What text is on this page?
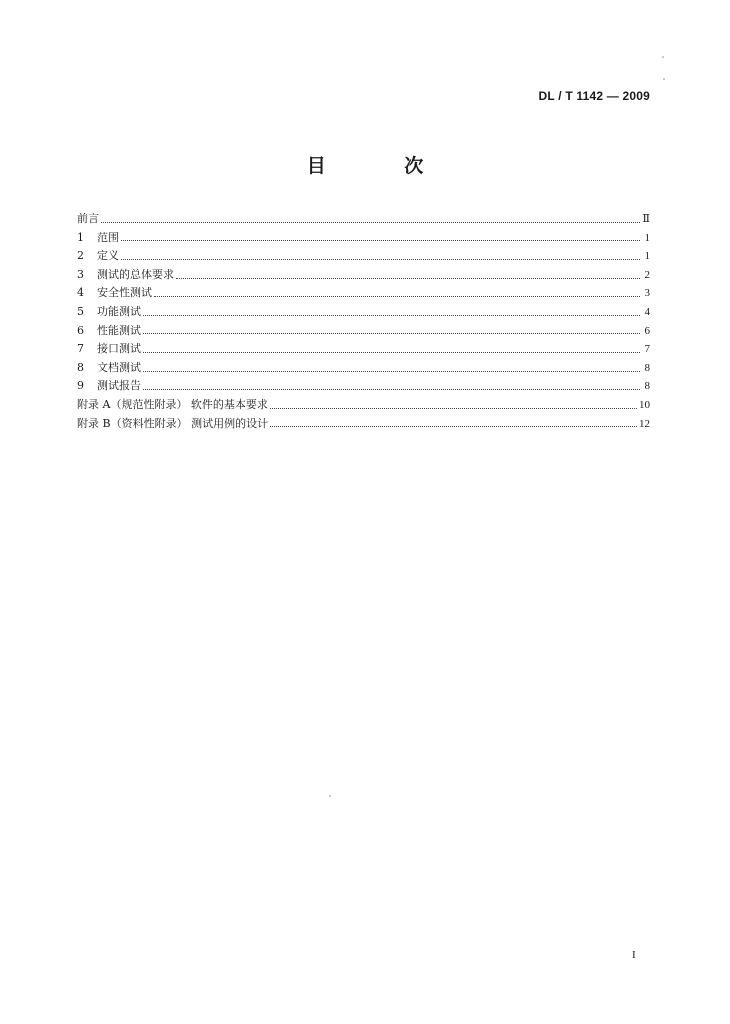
DL / T 1142 — 2009
目 次
前言	Ⅱ
1	范围	1
2	定义	1
3	测试的总体要求	2
4	安全性测试	3
5	功能测试	4
6	性能测试	6
7	接口测试	7
8	文档测试	8
9	测试报告	8
附录 A（规范性附录） 软件的基本要求	10
附录 B（资料性附录） 测试用例的设计	12
I
